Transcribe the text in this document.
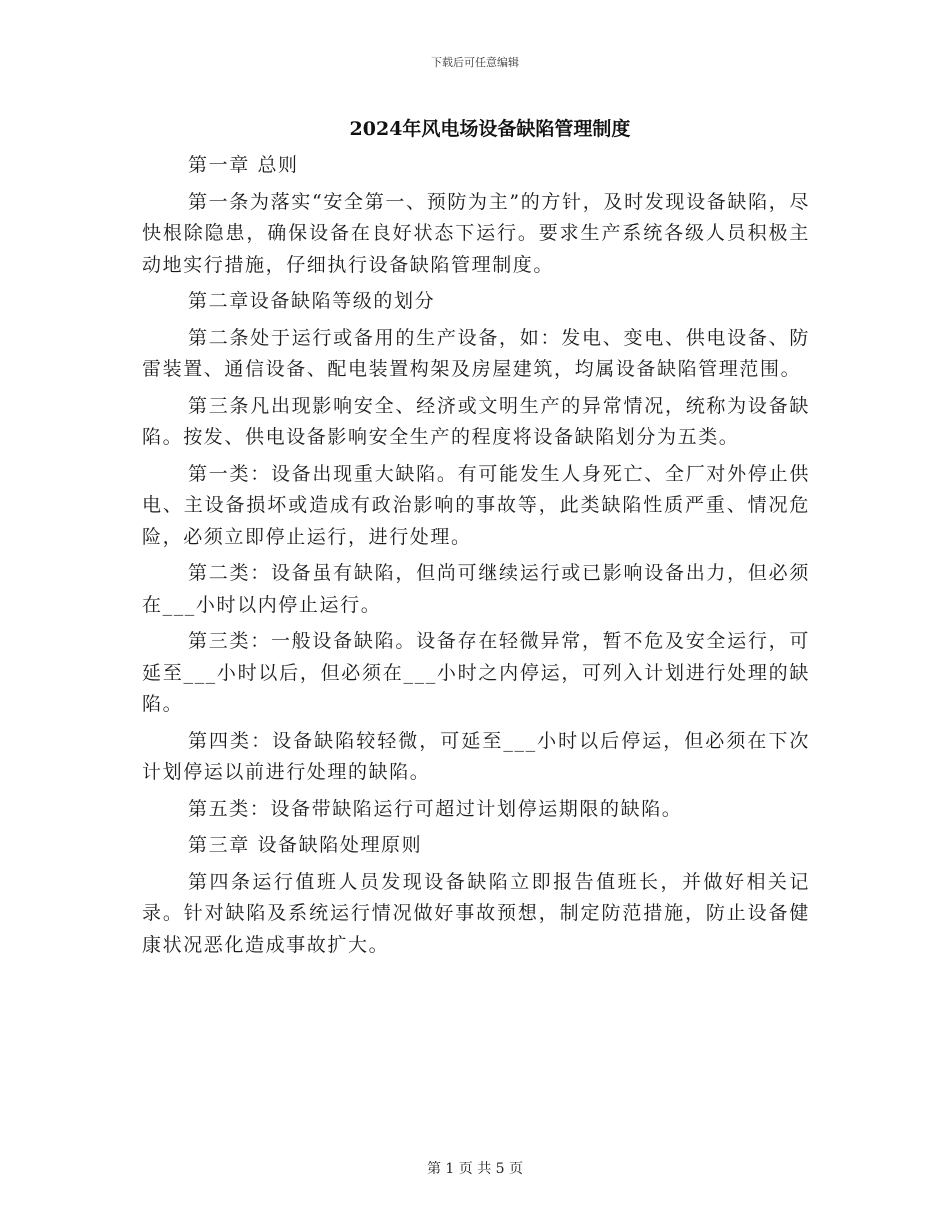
下载后可任意编辑
2024年风电场设备缺陷管理制度

第一章 总则

第一条为落实“安全第一、预防为主”的方针，及时发现设备缺陷，尽快根除隐患，确保设备在良好状态下运行。要求生产系统各级人员积极主动地实行措施，仔细执行设备缺陷管理制度。

第二章设备缺陷等级的划分

第二条处于运行或备用的生产设备，如：发电、变电、供电设备、防雷装置、通信设备、配电装置构架及房屋建筑，均属设备缺陷管理范围。

第三条凡出现影响安全、经济或文明生产的异常情况，统称为设备缺陷。按发、供电设备影响安全生产的程度将设备缺陷划分为五类。

第一类：设备出现重大缺陷。有可能发生人身死亡、全厂对外停止供电、主设备损坏或造成有政治影响的事故等，此类缺陷性质严重、情况危险，必须立即停止运行，进行处理。

第二类：设备虽有缺陷，但尚可继续运行或已影响设备出力，但必须在___小时以内停止运行。

第三类：一般设备缺陷。设备存在轻微异常，暂不危及安全运行，可延至___小时以后，但必须在___小时之内停运，可列入计划进行处理的缺陷。

第四类：设备缺陷较轻微，可延至___小时以后停运，但必须在下次计划停运以前进行处理的缺陷。

第五类：设备带缺陷运行可超过计划停运期限的缺陷。

第三章 设备缺陷处理原则

第四条运行值班人员发现设备缺陷立即报告值班长，并做好相关记录。针对缺陷及系统运行情况做好事故预想，制定防范措施，防止设备健康状况恶化造成事故扩大。

第 1 页 共 5 页
